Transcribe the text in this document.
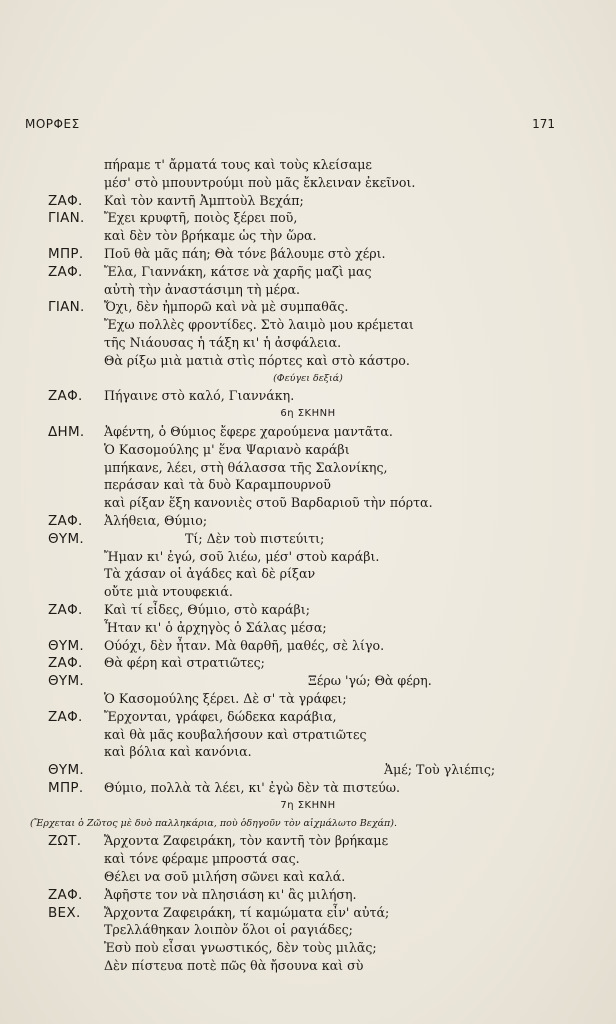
ΜΟΡΦΕΣ	171
πήραμε τ' ἄρματά τους καὶ τοὺς κλείσαμε
μέσ' στὸ μπουντρούμι ποὺ μᾶς ἔκλειναν ἐκεῖνοι.
ΖΑΦ. Καὶ τὸν καντῆ Ἀμπτοὺλ Βεχάπ;
ΓΙΑΝ. Ἔχει κρυφτῆ, ποιὸς ξέρει ποῦ,
καὶ δὲν τὸν βρήκαμε ὡς τὴν ὥρα.
ΜΠΡ. Ποῦ θὰ μᾶς πάη; Θὰ τόνε βάλουμε στὸ χέρι.
ΖΑΦ. Ἔλα, Γιαννάκη, κάτσε νὰ χαρῆς μαζὶ μας
αὐτὴ τὴν ἀναστάσιμη τὴ μέρα.
ΓΙΑΝ. Ὄχι, δὲν ἠμπορῶ καὶ νὰ μὲ συμπαθᾶς.
Ἔχω πολλὲς φροντίδες. Στὸ λαιμὸ μου κρέμεται
τῆς Νιάουσας ἡ τάξη κι' ἡ ἀσφάλεια.
Θὰ ρίξω μιὰ ματιὰ στὶς πόρτες καὶ στὸ κάστρο.
(Φεύγει δεξιά)
ΖΑΦ. Πήγαινε στὸ καλό, Γιαννάκη.
6η ΣΚΗΝΗ
ΔΗΜ. Ἀφέντη, ὁ Θύμιος ἔφερε χαρούμενα μαντᾶτα.
Ὁ Κασομούλης μ' ἕνα Ψαριανὸ καράβι
μπήκανε, λέει, στὴ θάλασσα τῆς Σαλονίκης,
περάσαν καὶ τὰ δυὸ Καραμπουρνοῦ
καὶ ρίξαν ἕξη κανονιὲς στοῦ Βαρδαριοῦ τὴν πόρτα.
ΖΑΦ. Ἀλήθεια, Θύμιο;
ΘΥΜ.	Τί; Δὲν τοὺ πιστεύιτι;
Ἤμαν κι' ἐγώ, σοῦ λιέω, μέσ' στοὺ καράβι.
Τὰ χάσαν οἱ ἀγάδες καὶ δὲ ρίξαν
οὔτε μιὰ ντουφεκιά.
ΖΑΦ. Καὶ τί εἶδες, Θύμιο, στὸ καράβι;
Ἦταν κι' ὁ ἀρχηγὸς ὁ Σάλας μέσα;
ΘΥΜ. Ούόχι, δὲν ἦταν. Μὰ θαρθῆ, μαθές, σὲ λίγο.
ΖΑΦ. Θὰ φέρη καὶ στρατιῶτες;
ΘΥΜ.	Ξέρω 'γώ; Θὰ φέρη.
Ὁ Κασομούλης ξέρει. Δὲ σ' τὰ γράφει;
ΖΑΦ. Ἔρχονται, γράφει, δώδεκα καράβια,
καὶ θὰ μᾶς κουβαλήσουν καὶ στρατιῶτες
καὶ βόλια καὶ κανόνια.
ΘΥΜ.	Ἀμέ; Τοὺ γλιέπις;
ΜΠΡ. Θύμιο, πολλὰ τὰ λέει, κι' ἐγὼ δὲν τὰ πιστεύω.
7η ΣΚΗΝΗ
(Ἔρχεται ὁ Ζῶτος μὲ δυὸ παλληκάρια, ποὺ ὁδηγοῦν τὸν αἰχμάλωτο Βεχάπ).
ΖΩΤ. Ἄρχοντα Ζαφειράκη, τὸν καντῆ τὸν βρήκαμε
καὶ τόνε φέραμε μπροστά σας.
Θέλει να σοῦ μιλήση σῶνει καὶ καλά.
ΖΑΦ. Ἀφῆστε τον νὰ πλησιάση κι' ἂς μιλήση.
ΒΕΧ. Ἄρχοντα Ζαφειράκη, τί καμώματα εἶν' αὐτά;
Τρελλάθηκαν λοιπὸν ὅλοι οἱ ραγιάδες;
Ἐσὺ ποὺ εἶσαι γνωστικός, δὲν τοὺς μιλᾶς;
Δὲν πίστευα ποτὲ πῶς θὰ ἤσουνα καὶ σὺ
